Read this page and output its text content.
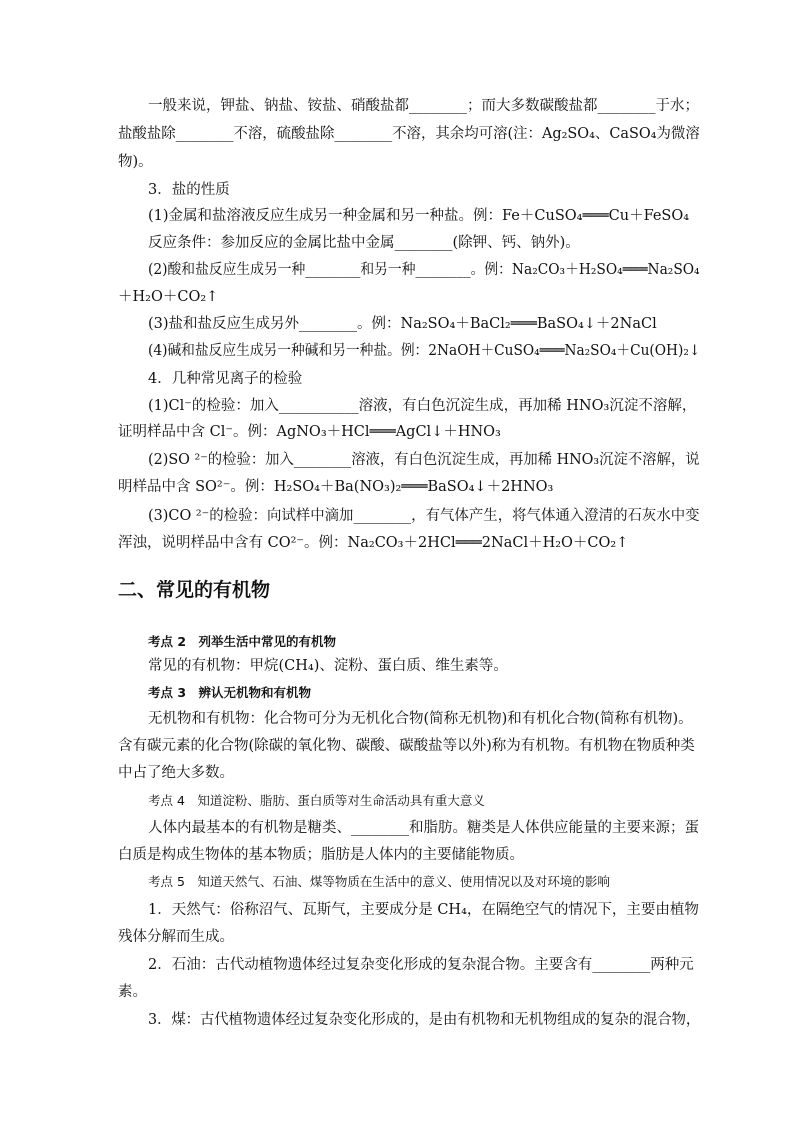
一般来说，钾盐、钠盐、铵盐、硝酸盐都________；而大多数碳酸盐都________于水；
盐酸盐除________不溶，硫酸盐除________不溶，其余均可溶(注：Ag₂SO₄、CaSO₄为微溶
物)。
3．盐的性质
(1)金属和盐溶液反应生成另一种金属和另一种盐。例：Fe＋CuSO₄═══Cu＋FeSO₄
反应条件：参加反应的金属比盐中金属________(除钾、钙、钠外)。
(2)酸和盐反应生成另一种________和另一种________。例：Na₂CO₃＋H₂SO₄═══Na₂SO₄
＋H₂O＋CO₂↑
(3)盐和盐反应生成另外________。例：Na₂SO₄＋BaCl₂═══BaSO₄↓＋2NaCl
(4)碱和盐反应生成另一种碱和另一种盐。例：2NaOH＋CuSO₄═══Na₂SO₄＋Cu(OH)₂↓
4．几种常见离子的检验
(1)Cl⁻的检验：加入___________溶液，有白色沉淀生成，再加稀 HNO₃沉淀不溶解，
证明样品中含 Cl⁻。例：AgNO₃＋HCl═══AgCl↓＋HNO₃
(2)SO ²⁻的检验：加入________溶液，有白色沉淀生成，再加稀 HNO₃沉淀不溶解，说
明样品中含 SO²⁻。例：H₂SO₄＋Ba(NO₃)₂═══BaSO₄↓＋2HNO₃
(3)CO ²⁻的检验：向试样中滴加________，有气体产生，将气体通入澄清的石灰水中变
浑浊，说明样品中含有 CO²⁻。例：Na₂CO₃＋2HCl═══2NaCl＋H₂O＋CO₂↑
二、常见的有机物
考点 2　列举生活中常见的有机物
常见的有机物：甲烷(CH₄)、淀粉、蛋白质、维生素等。
考点 3　辨认无机物和有机物
无机物和有机物：化合物可分为无机化合物(简称无机物)和有机化合物(简称有机物)。
含有碳元素的化合物(除碳的氧化物、碳酸、碳酸盐等以外)称为有机物。有机物在物质种类
中占了绝大多数。
考点 4　知道淀粉、脂肪、蛋白质等对生命活动具有重大意义
人体内最基本的有机物是糖类、________和脂肪。糖类是人体供应能量的主要来源；蛋
白质是构成生物体的基本物质；脂肪是人体内的主要储能物质。
考点 5　知道天然气、石油、煤等物质在生活中的意义、使用情况以及对环境的影响
1．天然气：俗称沼气、瓦斯气，主要成分是 CH₄，在隔绝空气的情况下，主要由植物
残体分解而生成。
2．石油：古代动植物遗体经过复杂变化形成的复杂混合物。主要含有________两种元
素。
3．煤：古代植物遗体经过复杂变化形成的，是由有机物和无机物组成的复杂的混合物，
